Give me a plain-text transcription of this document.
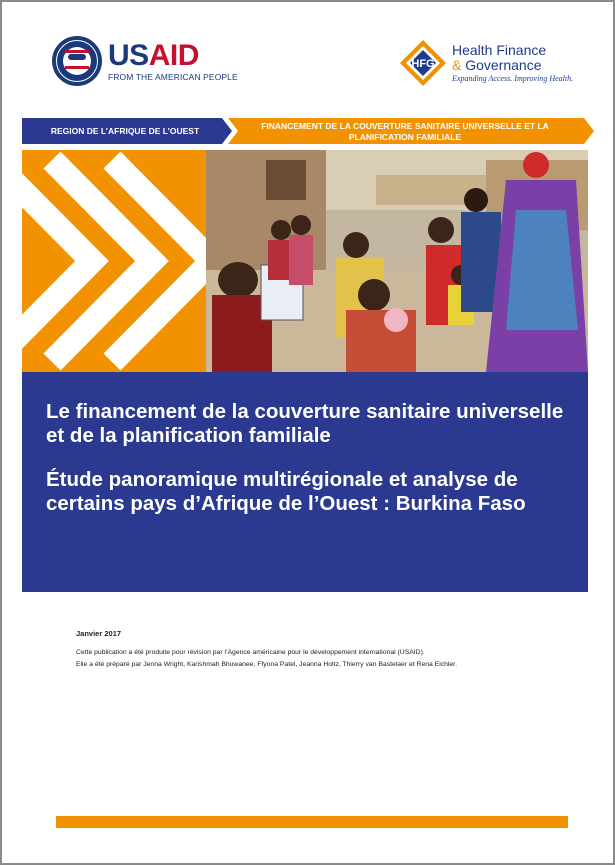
USAID
FROM THE AMERICAN PEOPLE
HFG
Health Finance
& Governance
Expanding Access. Improving Health.
REGION DE L’AFRIQUE DE L’OUEST	FINANCEMENT DE LA COUVERTURE SANITAIRE UNIVERSELLE ET LA PLANIFICATION FAMILIALE

Le financement de la couverture sanitaire universelle et de la planification familiale

Étude panoramique multirégionale et analyse de certains pays d’Afrique de l’Ouest : Burkina Faso

Janvier 2017

Cette publication a été produite pour révision par l’Agence américaine pour le développement international (USAID).

Elle a été préparé par Jenna Wright, Karishmah Bhuwanee, Ffyona Patel, Jeanna Holtz, Thierry van Bastelaer et Rena Eichler.
